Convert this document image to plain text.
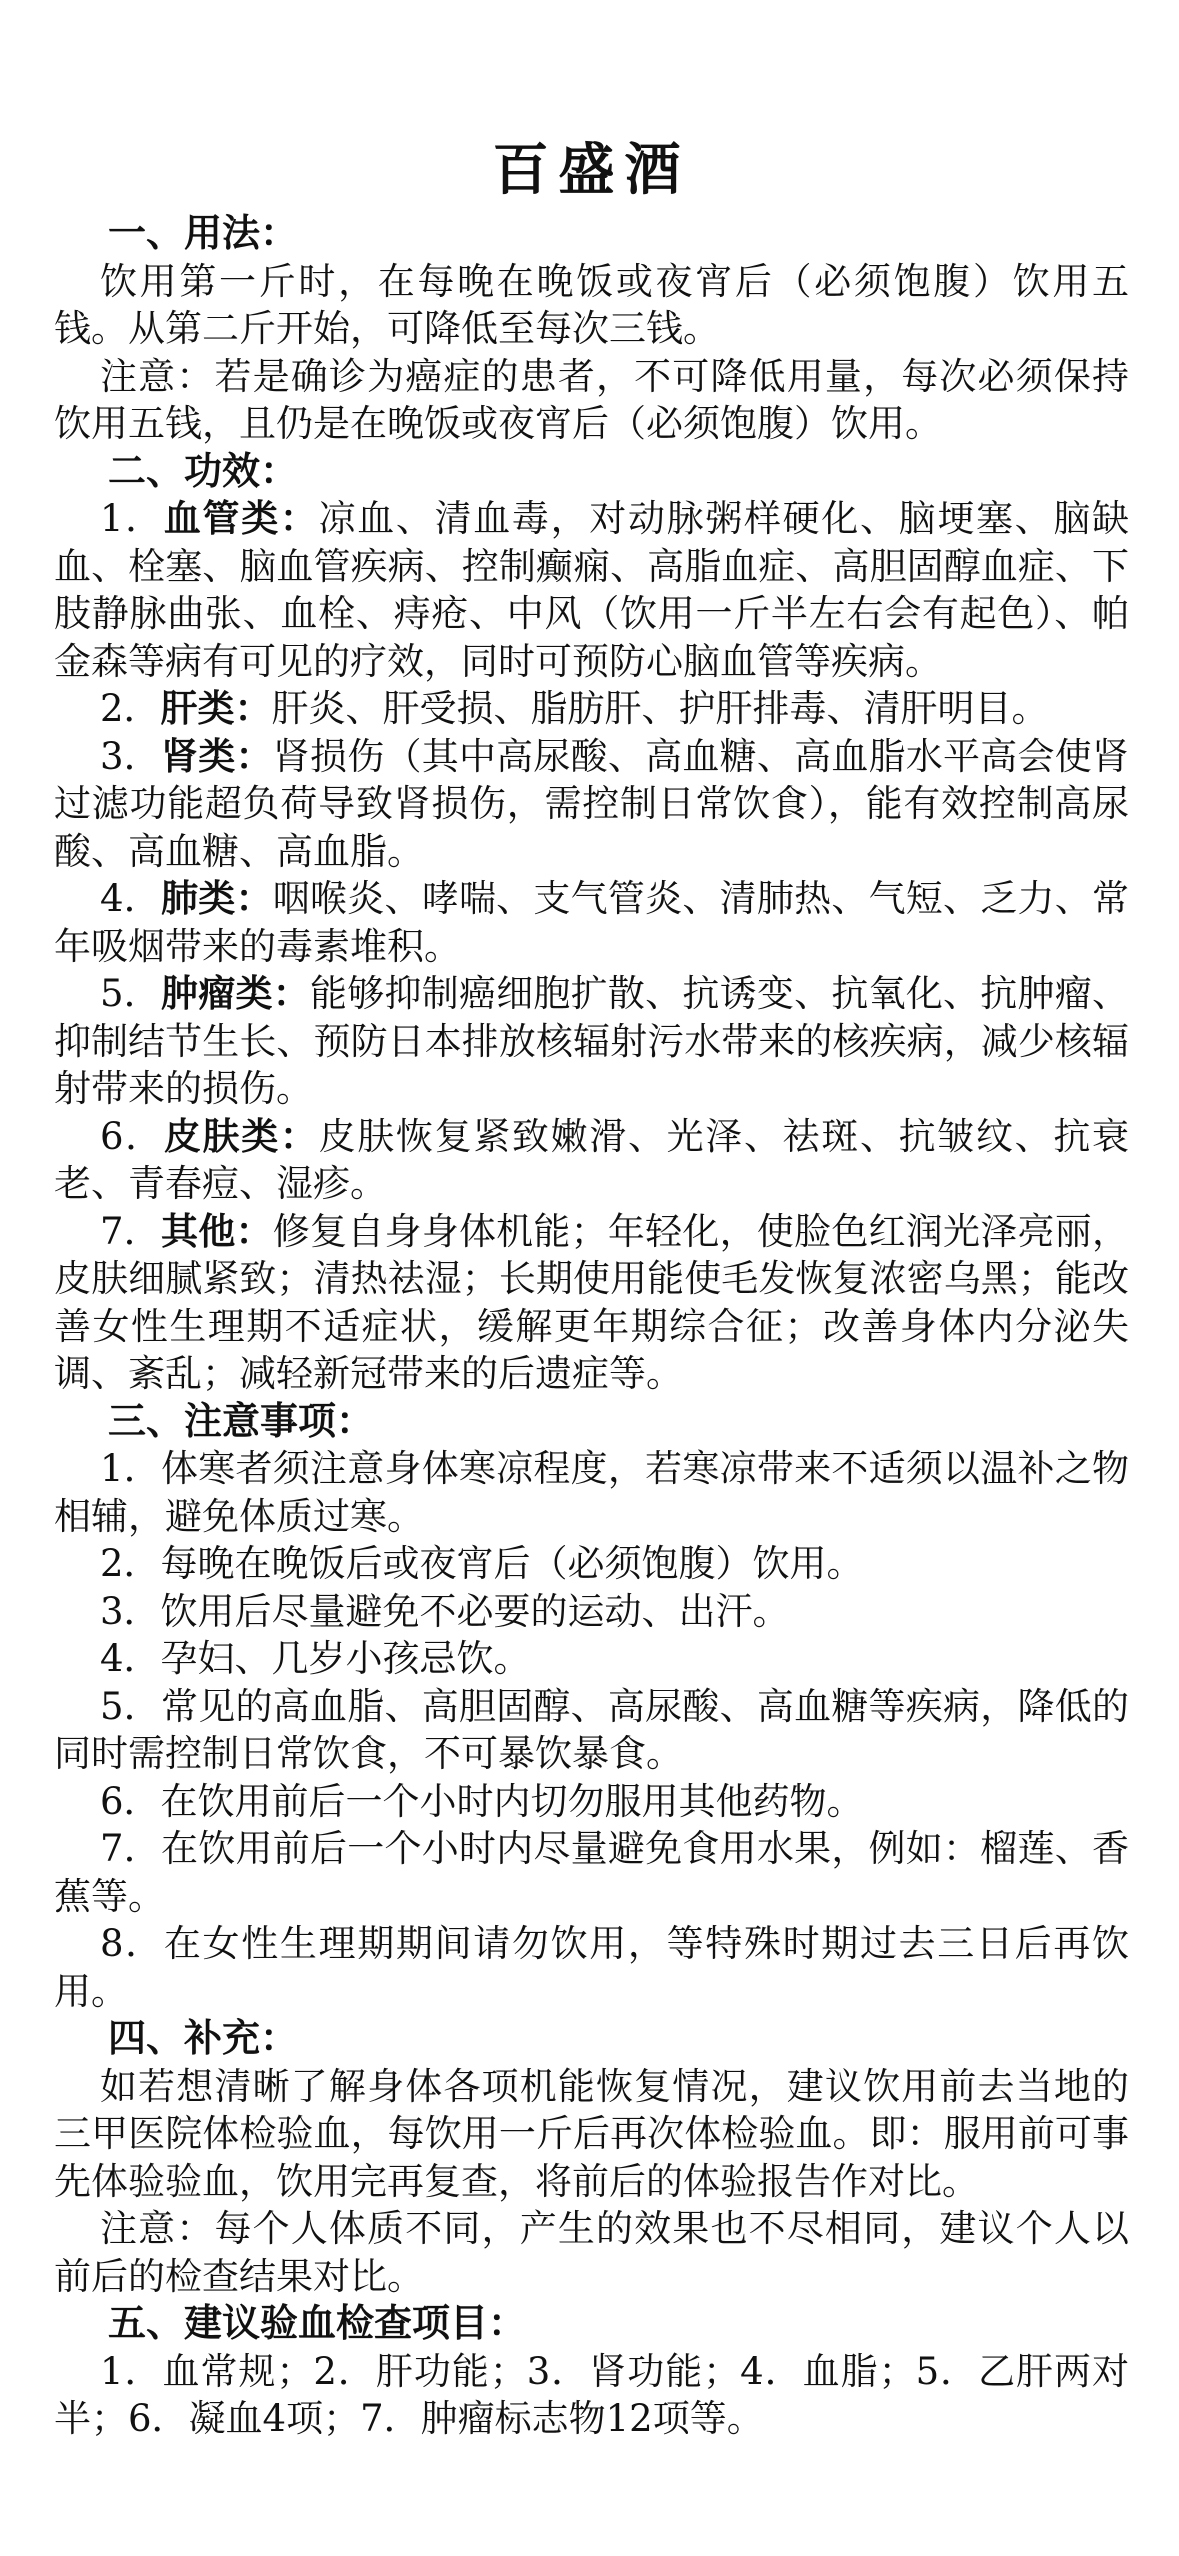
百盛酒
一、用法：

饮用第一斤时，在每晚在晚饭或夜宵后（必须饱腹）饮用五钱。从第二斤开始，可降低至每次三钱。

注意：若是确诊为癌症的患者，不可降低用量，每次必须保持饮用五钱，且仍是在晚饭或夜宵后（必须饱腹）饮用。

二、功效：

1．血管类：凉血、清血毒，对动脉粥样硬化、脑埂塞、脑缺血、栓塞、脑血管疾病、控制癫痫、高脂血症、高胆固醇血症、下肢静脉曲张、血栓、痔疮、中风（饮用一斤半左右会有起色）、帕金森等病有可见的疗效，同时可预防心脑血管等疾病。

2．肝类：肝炎、肝受损、脂肪肝、护肝排毒、清肝明目。

3．肾类：肾损伤（其中高尿酸、高血糖、高血脂水平高会使肾过滤功能超负荷导致肾损伤，需控制日常饮食），能有效控制高尿酸、高血糖、高血脂。

4．肺类：咽喉炎、哮喘、支气管炎、清肺热、气短、乏力、常年吸烟带来的毒素堆积。

5．肿瘤类：能够抑制癌细胞扩散、抗诱变、抗氧化、抗肿瘤、抑制结节生长、预防日本排放核辐射污水带来的核疾病，减少核辐射带来的损伤。

6．皮肤类：皮肤恢复紧致嫩滑、光泽、祛斑、抗皱纹、抗衰老、青春痘、湿疹。

7．其他：修复自身身体机能；年轻化，使脸色红润光泽亮丽，皮肤细腻紧致；清热祛湿；长期使用能使毛发恢复浓密乌黑；能改善女性生理期不适症状，缓解更年期综合征；改善身体内分泌失调、紊乱；减轻新冠带来的后遗症等。

三、注意事项：

1．体寒者须注意身体寒凉程度，若寒凉带来不适须以温补之物相辅，避免体质过寒。

2．每晚在晚饭后或夜宵后（必须饱腹）饮用。

3．饮用后尽量避免不必要的运动、出汗。

4．孕妇、几岁小孩忌饮。

5．常见的高血脂、高胆固醇、高尿酸、高血糖等疾病，降低的同时需控制日常饮食，不可暴饮暴食。

6．在饮用前后一个小时内切勿服用其他药物。

7．在饮用前后一个小时内尽量避免食用水果，例如：榴莲、香蕉等。

8．在女性生理期期间请勿饮用，等特殊时期过去三日后再饮用。

四、补充：

如若想清晰了解身体各项机能恢复情况，建议饮用前去当地的三甲医院体检验血，每饮用一斤后再次体检验血。即：服用前可事先体验验血，饮用完再复查，将前后的体验报告作对比。

注意：每个人体质不同，产生的效果也不尽相同，建议个人以前后的检查结果对比。

五、建议验血检查项目：

1．血常规；2．肝功能；3．肾功能；4．血脂；5．乙肝两对半；6．凝血4项；7．肿瘤标志物12项等。
